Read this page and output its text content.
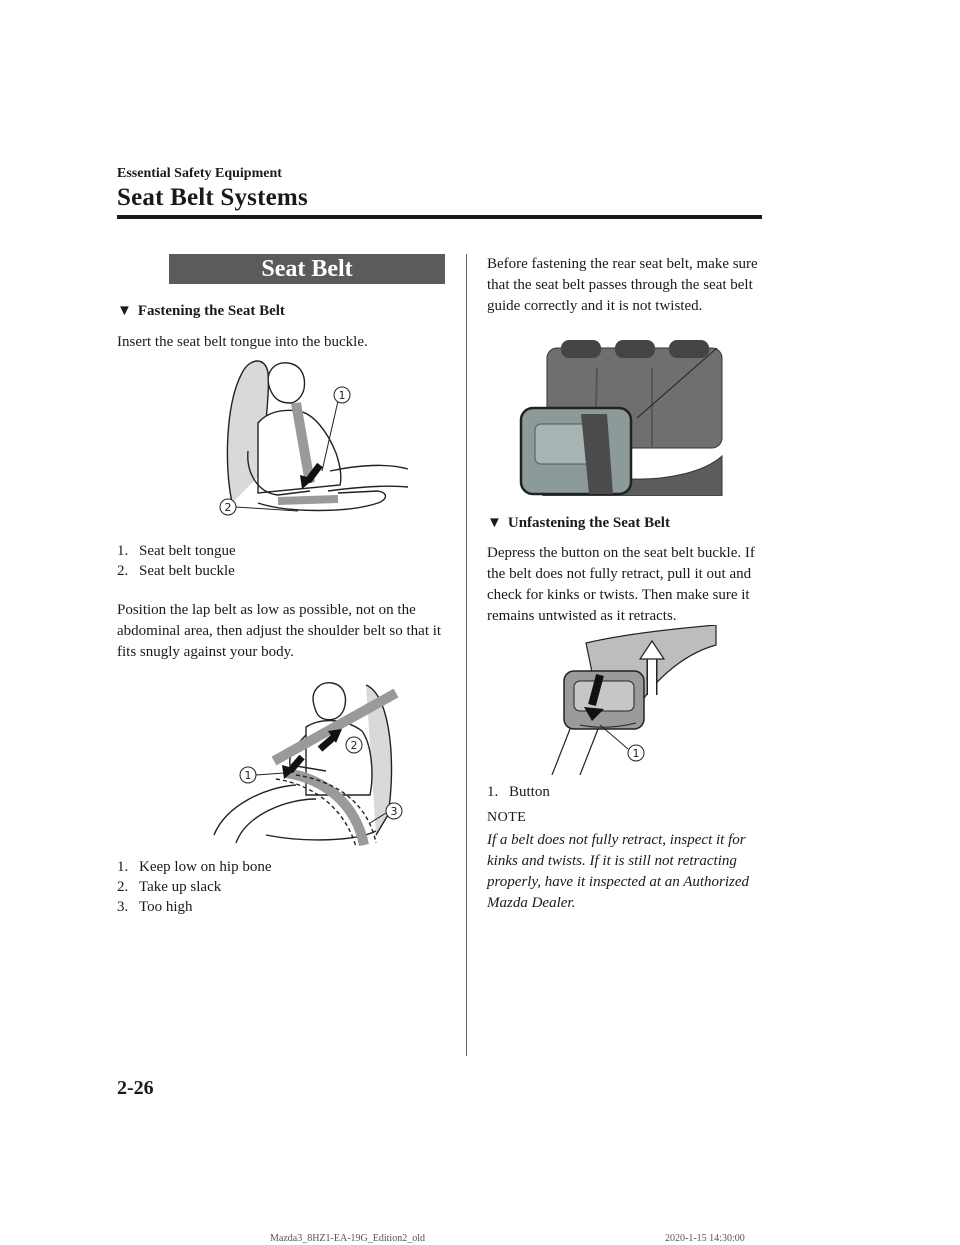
Essential Safety Equipment
Seat Belt Systems
Seat Belt
▼ Fastening the Seat Belt
Insert the seat belt tongue into the buckle.
1
2
1. Seat belt tongue
2. Seat belt buckle
Position the lap belt as low as possible, not on the abdominal area, then adjust the shoulder belt so that it fits snugly against your body.
1
2
3
1. Keep low on hip bone
2. Take up slack
3. Too high
Before fastening the rear seat belt, make sure that the seat belt passes through the seat belt guide correctly and it is not twisted.
▼ Unfastening the Seat Belt
Depress the button on the seat belt buckle. If the belt does not fully retract, pull it out and check for kinks or twists. Then make sure it remains untwisted as it retracts.
1
1. Button
NOTE
If a belt does not fully retract, inspect it for kinks and twists. If it is still not retracting properly, have it inspected at an Authorized Mazda Dealer.
2-26
Mazda3_8HZ1-EA-19G_Edition2_old	2020-1-15 14:30:00
